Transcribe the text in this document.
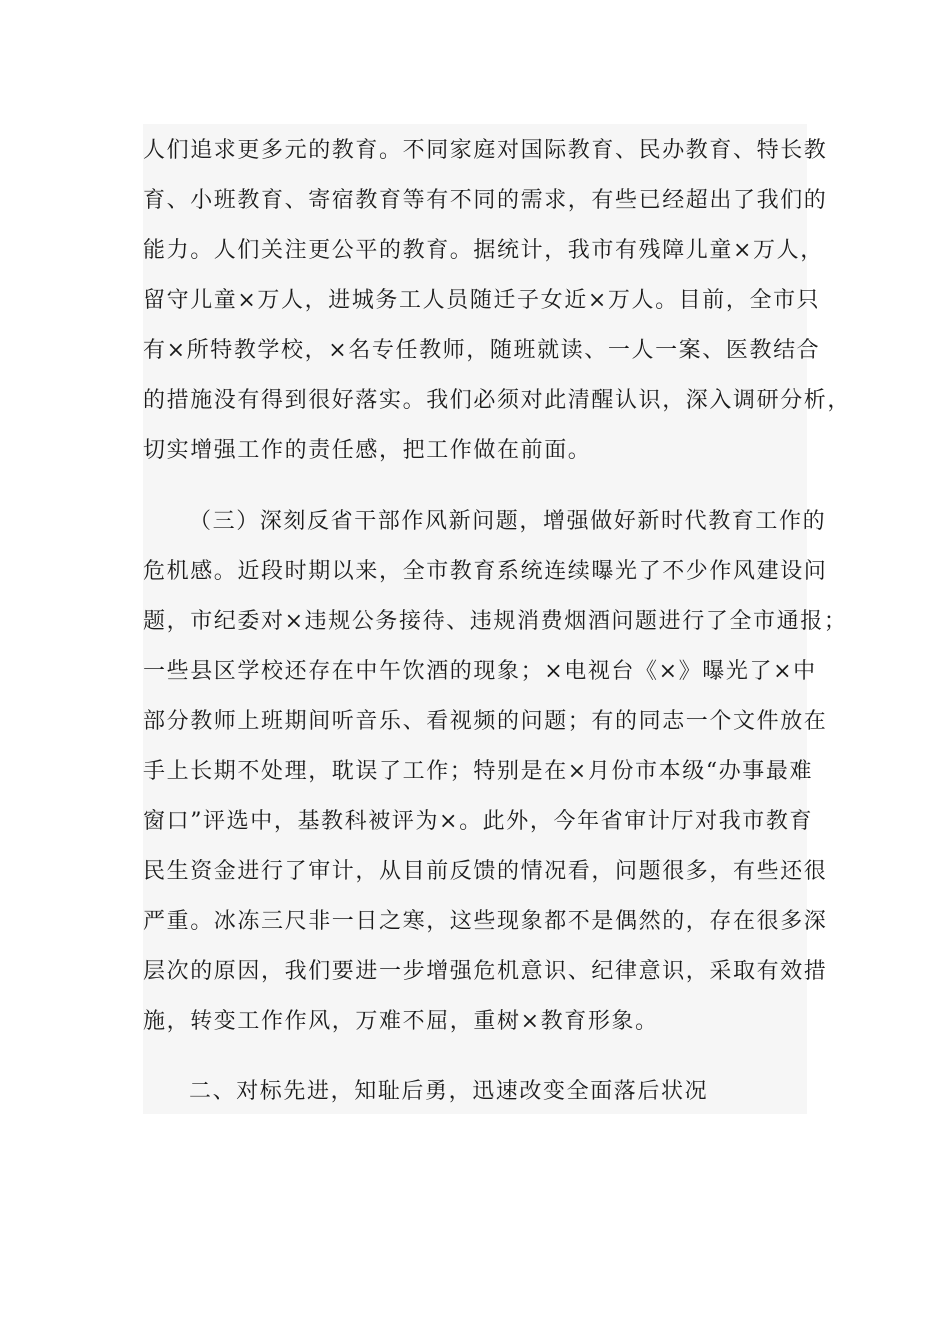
人们追求更多元的教育。不同家庭对国际教育、民办教育、特长教
育、小班教育、寄宿教育等有不同的需求，有些已经超出了我们的
能力。人们关注更公平的教育。据统计，我市有残障儿童×万人，
留守儿童×万人，进城务工人员随迁子女近×万人。目前，全市只
有×所特教学校，×名专任教师，随班就读、一人一案、医教结合
的措施没有得到很好落实。我们必须对此清醒认识，深入调研分析，
切实增强工作的责任感，把工作做在前面。
（三）深刻反省干部作风新问题，增强做好新时代教育工作的
危机感。近段时期以来，全市教育系统连续曝光了不少作风建设问
题，市纪委对×违规公务接待、违规消费烟酒问题进行了全市通报；
一些县区学校还存在中午饮酒的现象；×电视台《×》曝光了×中
部分教师上班期间听音乐、看视频的问题；有的同志一个文件放在
手上长期不处理，耽误了工作；特别是在×月份市本级“办事最难
窗口”评选中，基教科被评为×。此外，今年省审计厅对我市教育
民生资金进行了审计，从目前反馈的情况看，问题很多，有些还很
严重。冰冻三尺非一日之寒，这些现象都不是偶然的，存在很多深
层次的原因，我们要进一步增强危机意识、纪律意识，采取有效措
施，转变工作作风，万难不屈，重树×教育形象。
二、对标先进，知耻后勇，迅速改变全面落后状况
